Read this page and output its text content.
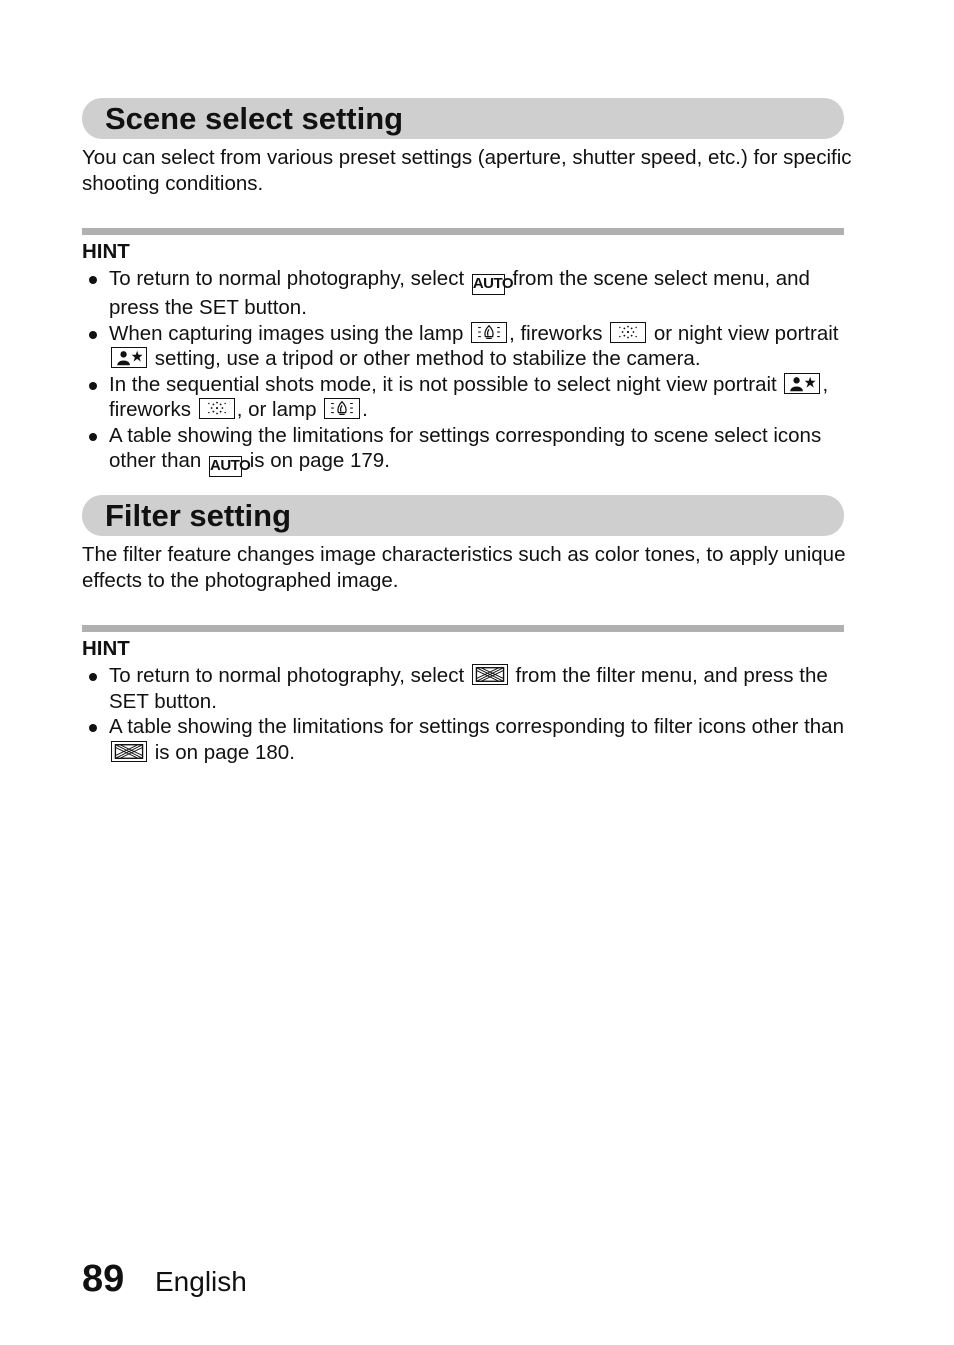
Scene select setting

You can select from various preset settings (aperture, shutter speed, etc.) for specific shooting conditions.

HINT
To return to normal photography, select AUTO from the scene select menu, and press the SET button.
When capturing images using the lamp
, fireworks
or night view portrait
setting, use a tripod or other method to stabilize the camera.
In the sequential shots mode, it is not possible to select night view portrait
, fireworks
, or lamp
.
A table showing the limitations for settings corresponding to scene select icons other than AUTO is on page 179.
Filter setting

The filter feature changes image characteristics such as color tones, to apply unique effects to the photographed image.

HINT
To return to normal photography, select
from the filter menu, and press the SET button.
A table showing the limitations for settings corresponding to filter icons other than
is on page 180.
89 English
